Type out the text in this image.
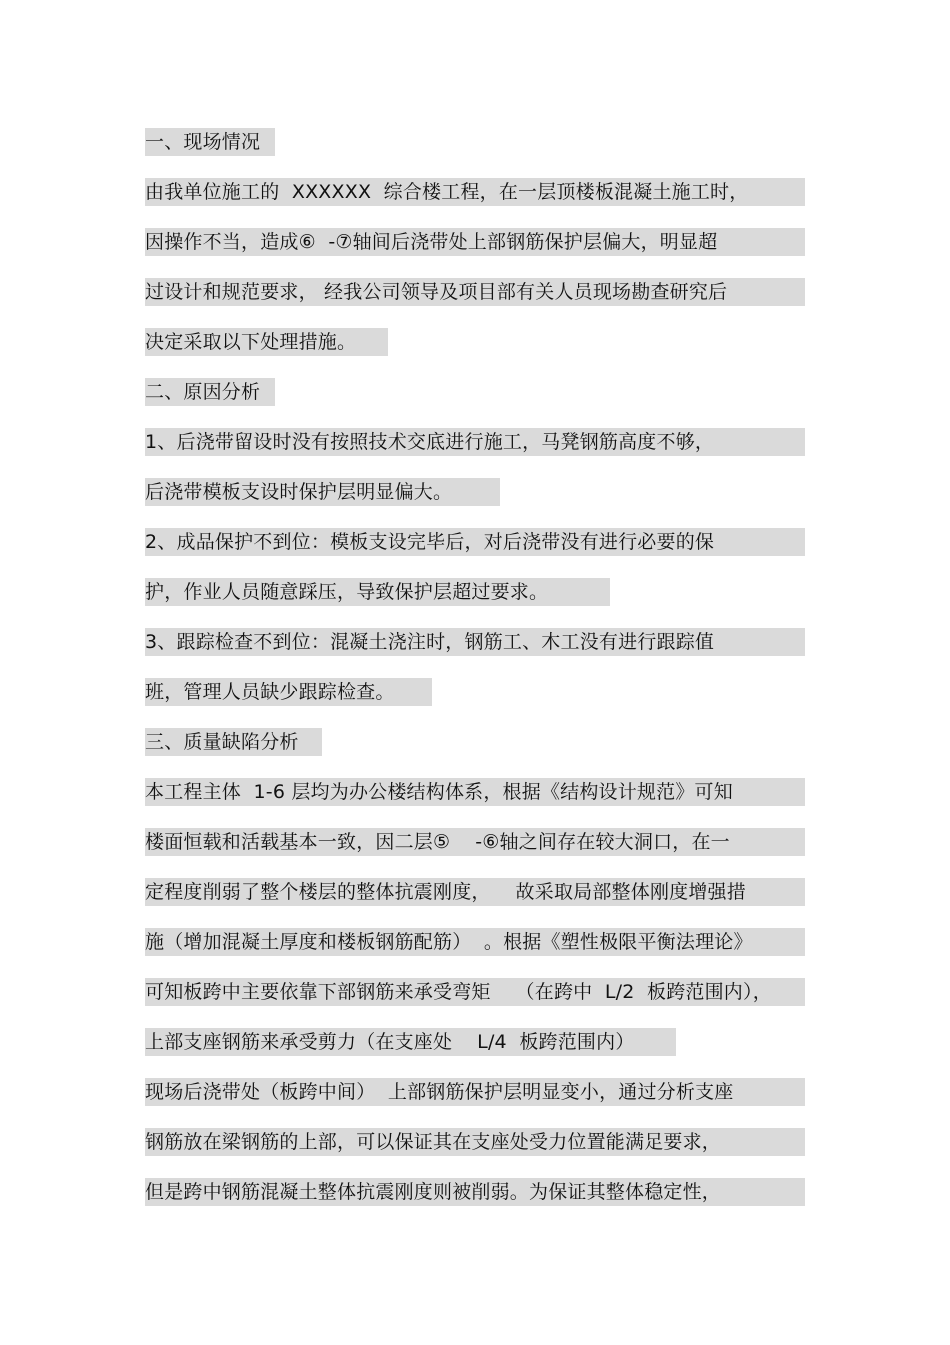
一、现场情况
由我单位施工的  XXXXXX  综合楼工程，在一层顶楼板混凝土施工时，
因操作不当，造成⑥  -⑦轴间后浇带处上部钢筋保护层偏大，明显超
过设计和规范要求， 经我公司领导及项目部有关人员现场勘查研究后
决定采取以下处理措施。
二、原因分析
1、后浇带留设时没有按照技术交底进行施工，马凳钢筋高度不够，
后浇带模板支设时保护层明显偏大。
2、成品保护不到位：模板支设完毕后，对后浇带没有进行必要的保
护，作业人员随意踩压，导致保护层超过要求。
3、跟踪检查不到位：混凝土浇注时，钢筋工、木工没有进行跟踪值
班，管理人员缺少跟踪检查。
三、质量缺陷分析
本工程主体  1-6 层均为办公楼结构体系，根据《结构设计规范》可知
楼面恒载和活载基本一致，因二层⑤    -⑥轴之间存在较大洞口，在一
定程度削弱了整个楼层的整体抗震刚度，    故采取局部整体刚度增强措
施（增加混凝土厚度和楼板钢筋配筋）  。根据《塑性极限平衡法理论》
可知板跨中主要依靠下部钢筋来承受弯矩    （在跨中  L/2  板跨范围内），
上部支座钢筋来承受剪力（在支座处    L/4  板跨范围内）
现场后浇带处（板跨中间）  上部钢筋保护层明显变小，通过分析支座
钢筋放在梁钢筋的上部，可以保证其在支座处受力位置能满足要求，
但是跨中钢筋混凝土整体抗震刚度则被削弱。为保证其整体稳定性，
